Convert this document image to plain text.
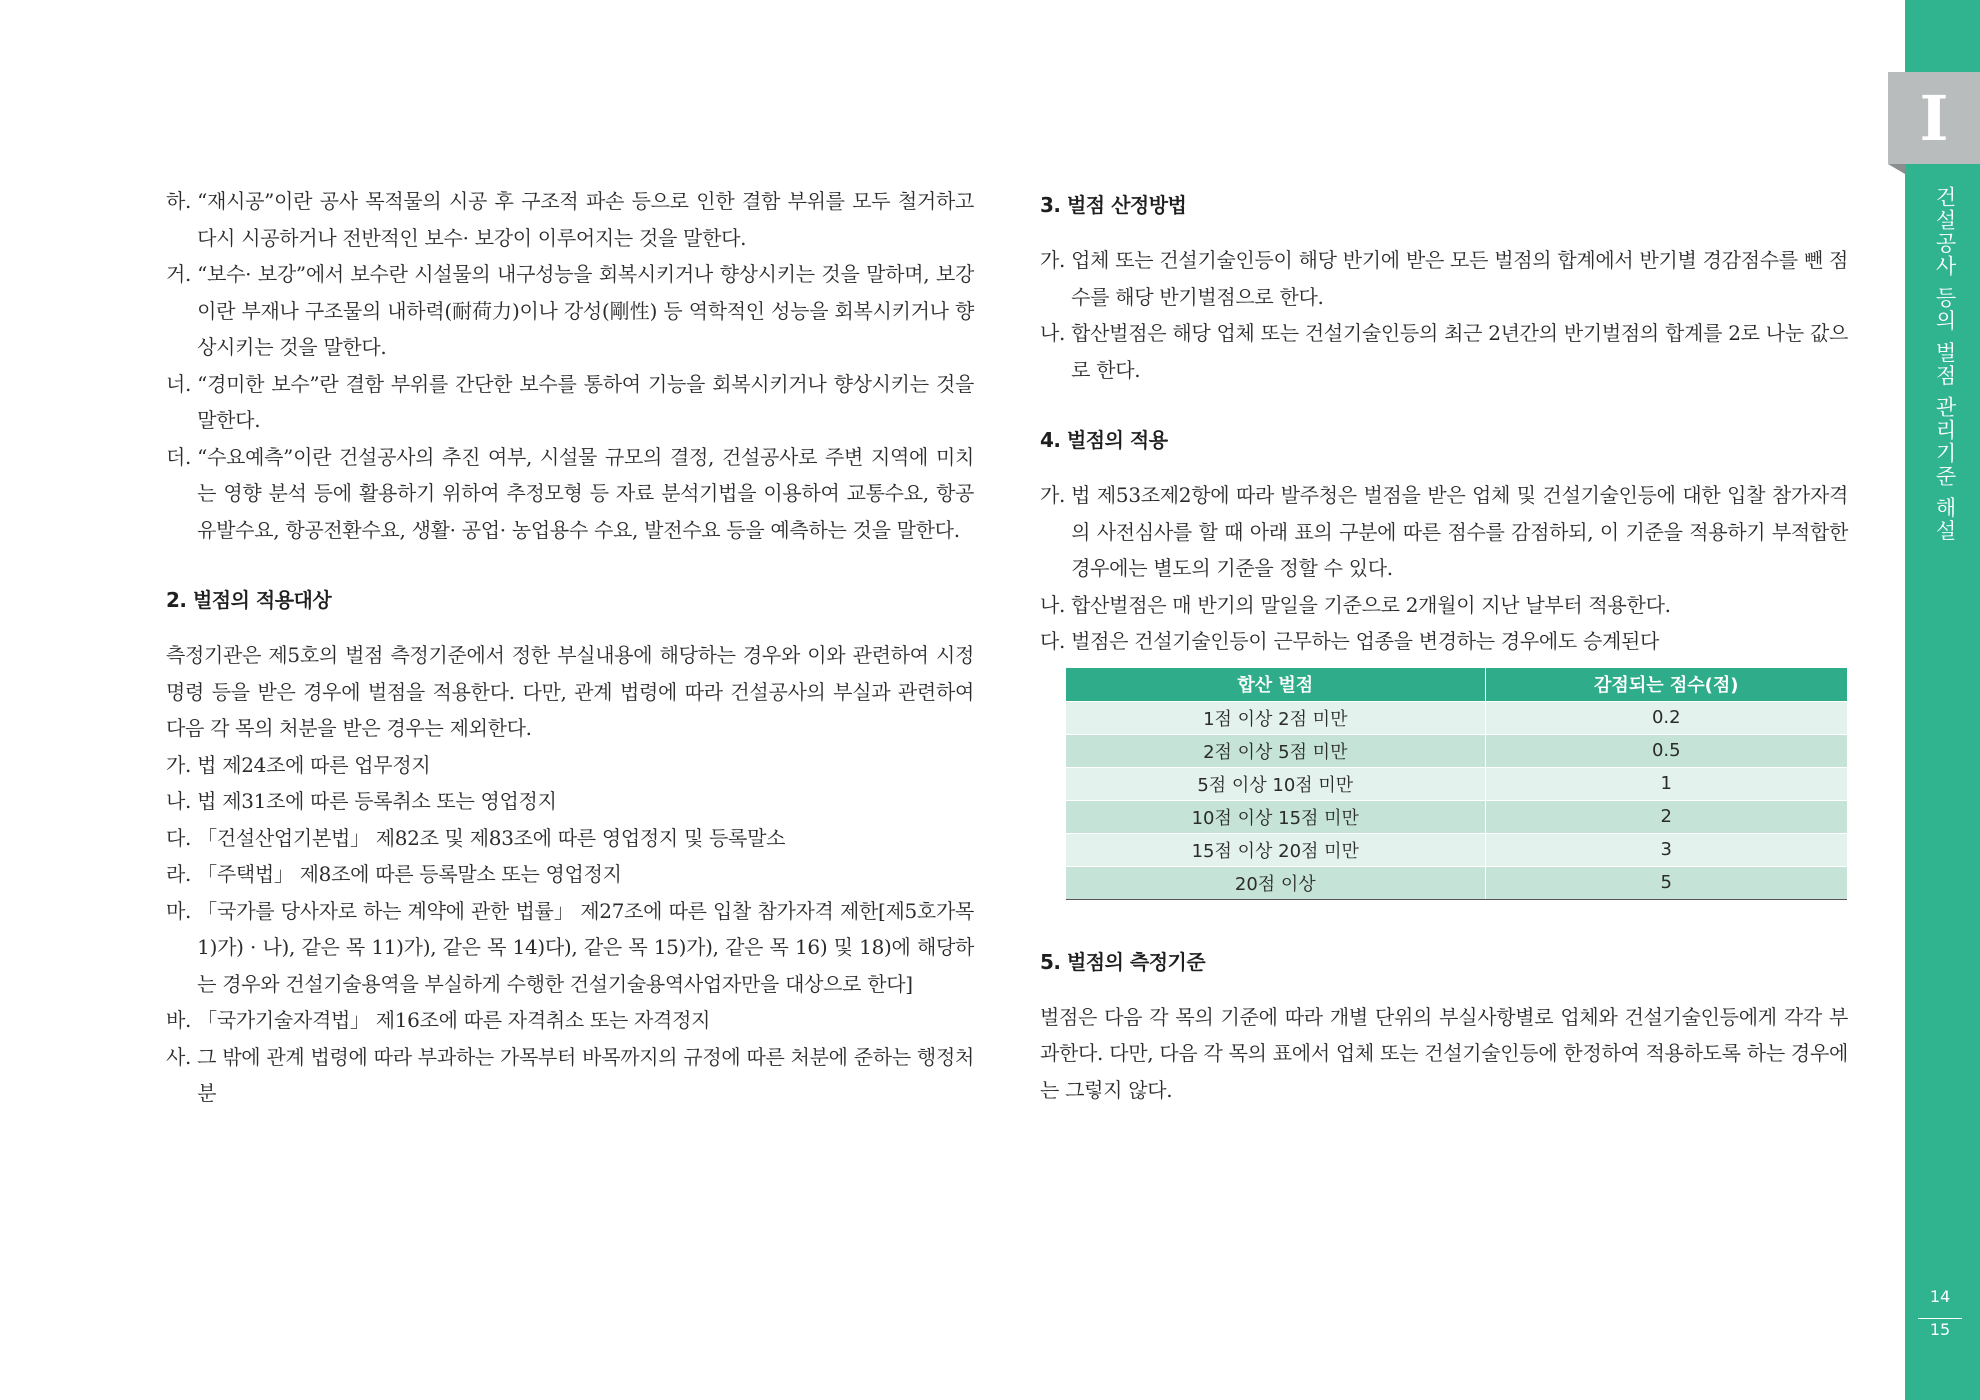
하. “재시공”이란 공사 목적물의 시공 후 구조적 파손 등으로 인한 결함 부위를 모두 철거하고 다시 시공하거나 전반적인 보수· 보강이 이루어지는 것을 말한다.
거. “보수· 보강”에서 보수란 시설물의 내구성능을 회복시키거나 향상시키는 것을 말하며, 보강이란 부재나 구조물의 내하력(耐荷力)이나 강성(剛性) 등 역학적인 성능을 회복시키거나 향상시키는 것을 말한다.
너. “경미한 보수”란 결함 부위를 간단한 보수를 통하여 기능을 회복시키거나 향상시키는 것을 말한다.
더. “수요예측”이란 건설공사의 추진 여부, 시설물 규모의 결정, 건설공사로 주변 지역에 미치는 영향 분석 등에 활용하기 위하여 추정모형 등 자료 분석기법을 이용하여 교통수요, 항공유발수요, 항공전환수요, 생활· 공업· 농업용수 수요, 발전수요 등을 예측하는 것을 말한다.
2. 벌점의 적용대상

측정기관은 제5호의 벌점 측정기준에서 정한 부실내용에 해당하는 경우와 이와 관련하여 시정명령 등을 받은 경우에 벌점을 적용한다. 다만, 관계 법령에 따라 건설공사의 부실과 관련하여 다음 각 목의 처분을 받은 경우는 제외한다.

가. 법 제24조에 따른 업무정지
나. 법 제31조에 따른 등록취소 또는 영업정지
다. 「건설산업기본법」 제82조 및 제83조에 따른 영업정지 및 등록말소
라. 「주택법」 제8조에 따른 등록말소 또는 영업정지
마. 「국가를 당사자로 하는 계약에 관한 법률」 제27조에 따른 입찰 참가자격 제한[제5호가목1)가) · 나), 같은 목 11)가), 같은 목 14)다), 같은 목 15)가), 같은 목 16) 및 18)에 해당하는 경우와 건설기술용역을 부실하게 수행한 건설기술용역사업자만을 대상으로 한다]
바. 「국가기술자격법」 제16조에 따른 자격취소 또는 자격정지
사. 그 밖에 관계 법령에 따라 부과하는 가목부터 바목까지의 규정에 따른 처분에 준하는 행정처분
3. 벌점 산정방법
가. 업체 또는 건설기술인등이 해당 반기에 받은 모든 벌점의 합계에서 반기별 경감점수를 뺀 점수를 해당 반기벌점으로 한다.
나. 합산벌점은 해당 업체 또는 건설기술인등의 최근 2년간의 반기벌점의 합계를 2로 나눈 값으로 한다.
4. 벌점의 적용
가. 법 제53조제2항에 따라 발주청은 벌점을 받은 업체 및 건설기술인등에 대한 입찰 참가자격의 사전심사를 할 때 아래 표의 구분에 따른 점수를 감점하되, 이 기준을 적용하기 부적합한 경우에는 별도의 기준을 정할 수 있다.
나. 합산벌점은 매 반기의 말일을 기준으로 2개월이 지난 날부터 적용한다.
다. 벌점은 건설기술인등이 근무하는 업종을 변경하는 경우에도 승계된다
합산 벌점	감점되는 점수(점)
1점 이상 2점 미만	0.2
2점 이상 5점 미만	0.5
5점 이상 10점 미만	1
10점 이상 15점 미만	2
15점 이상 20점 미만	3
20점 이상	5
5. 벌점의 측정기준

벌점은 다음 각 목의 기준에 따라 개별 단위의 부실사항별로 업체와 건설기술인등에게 각각 부과한다. 다만, 다음 각 목의 표에서 업체 또는 건설기술인등에 한정하여 적용하도록 하는 경우에는 그렇지 않다.

I
건설공사 등의 벌점 관리기준 해설
14
15
